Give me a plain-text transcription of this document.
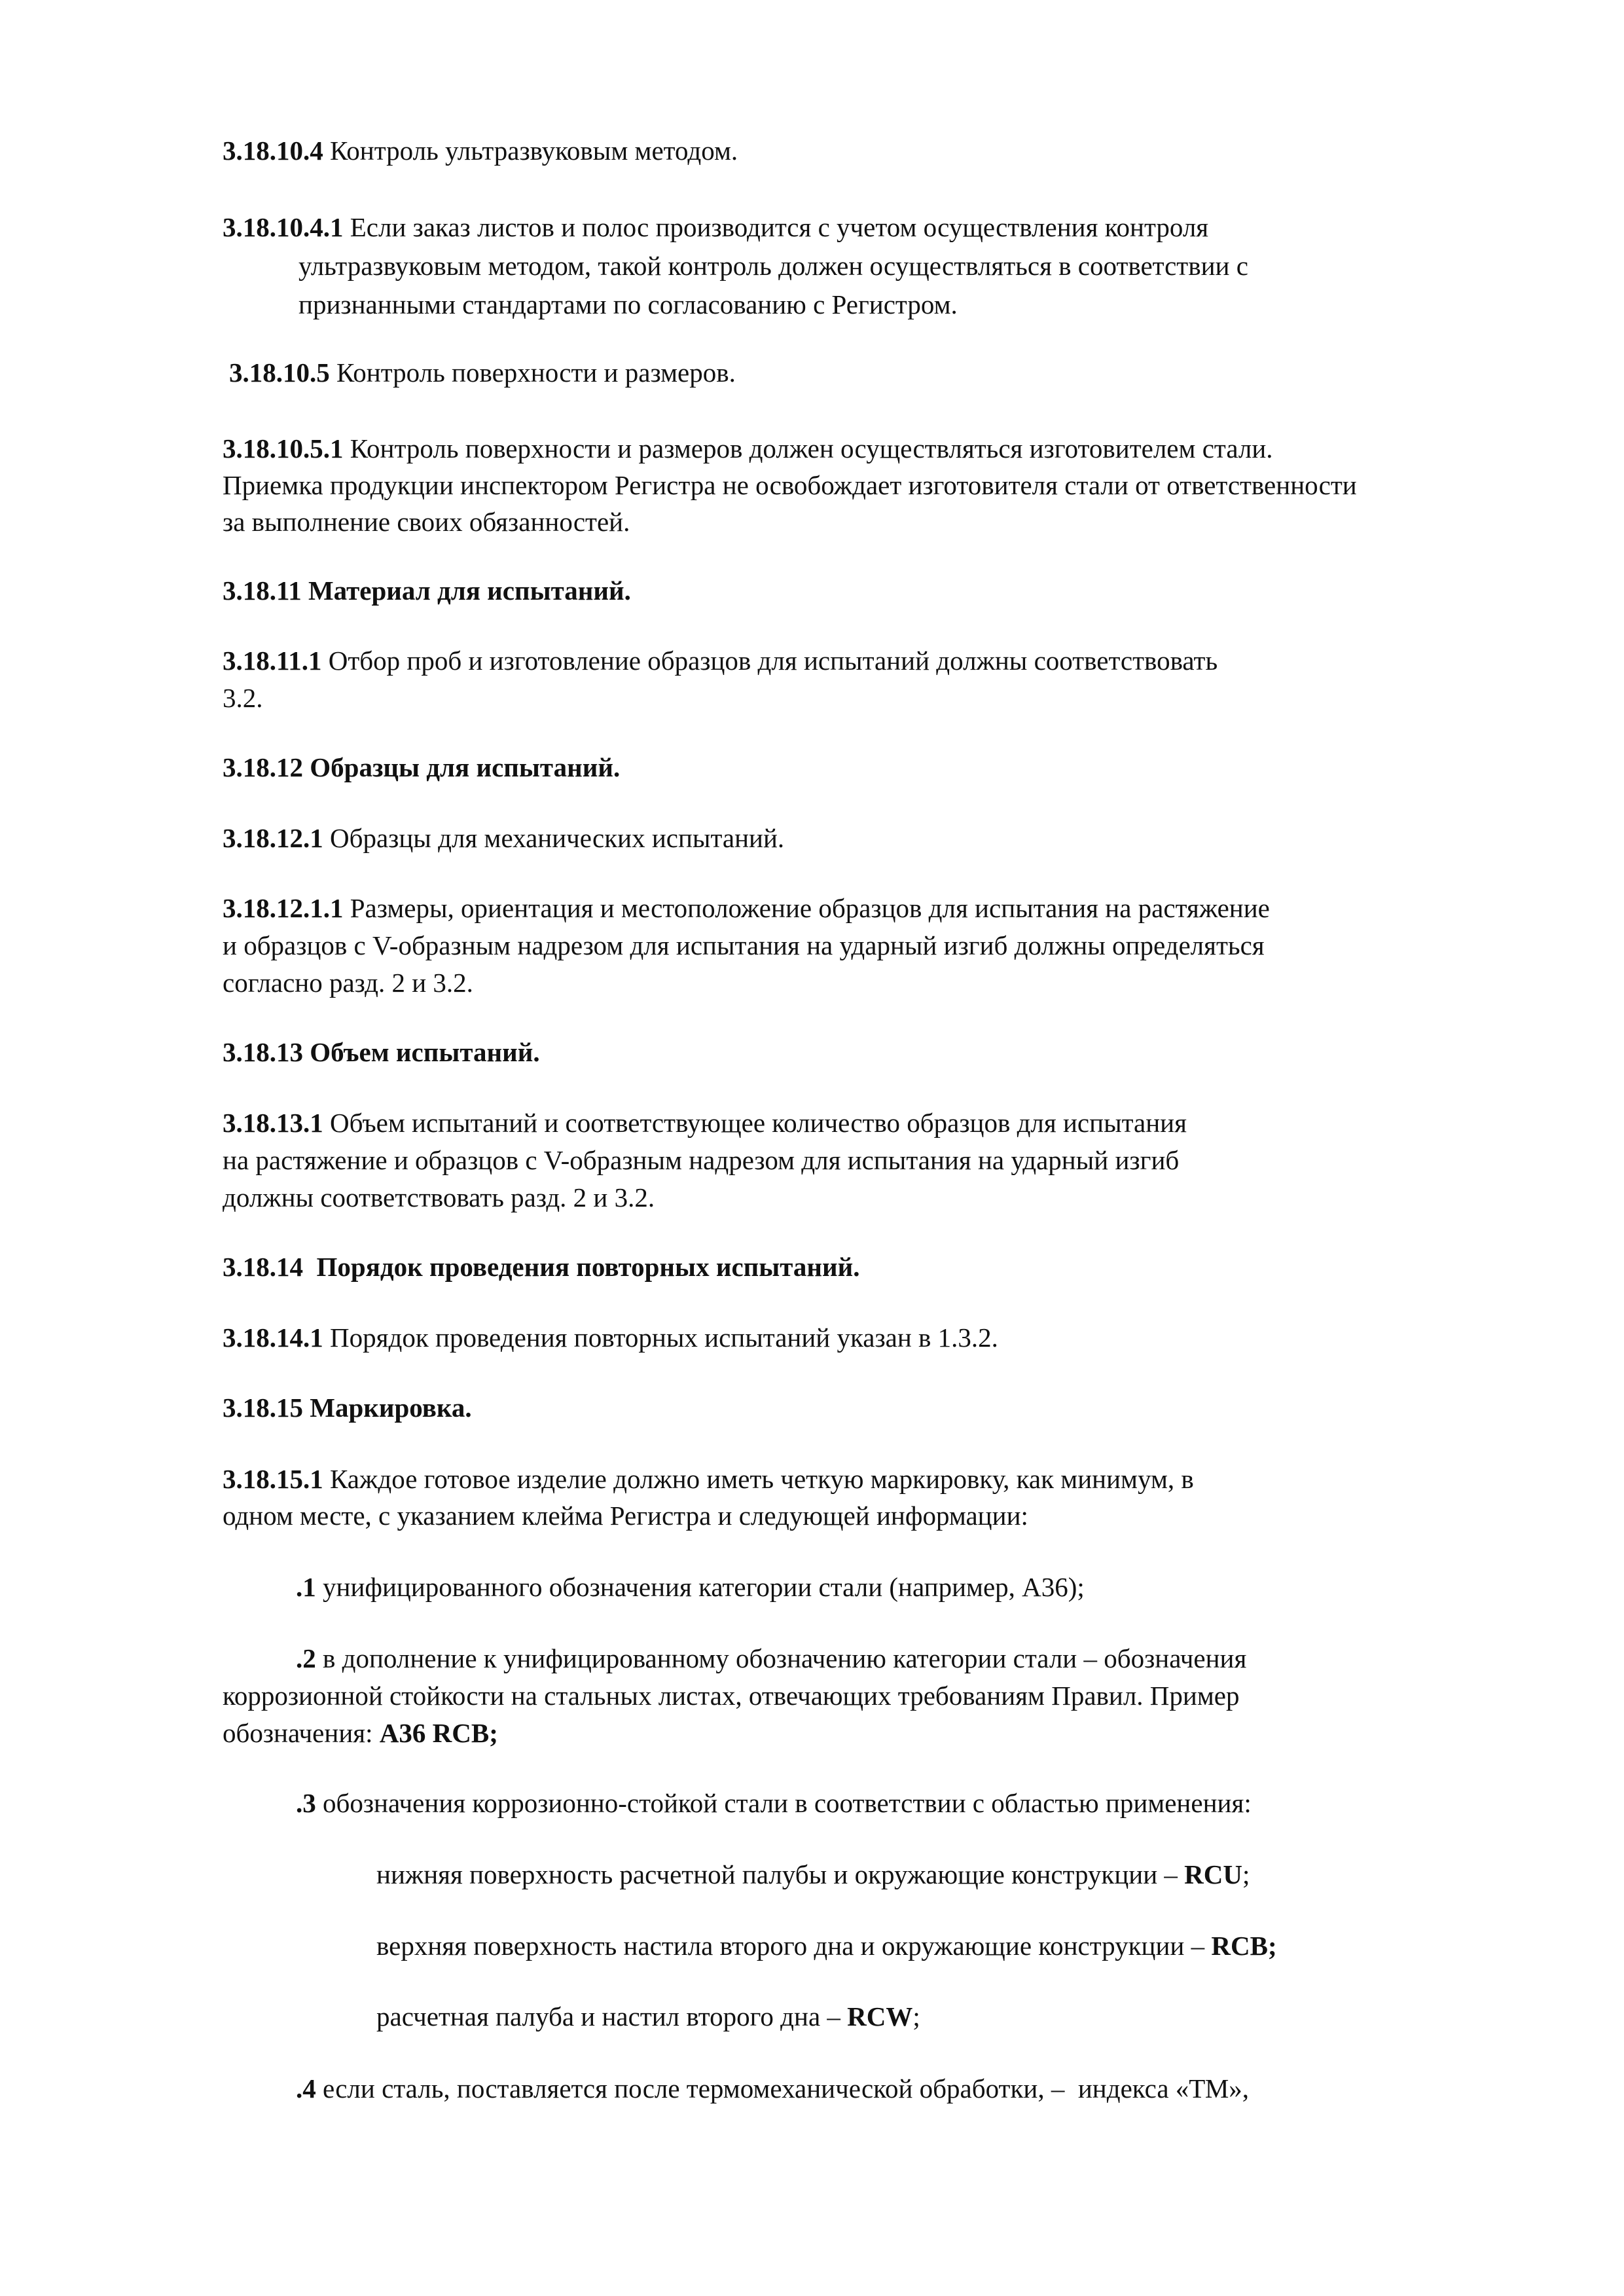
3.18.10.4 Контроль ультразвуковым методом.
3.18.10.4.1 Если заказ листов и полос производится с учетом осуществления контроля
ультразвуковым методом, такой контроль должен осуществляться в соответствии с
признанными стандартами по согласованию с Регистром.
3.18.10.5 Контроль поверхности и размеров.
3.18.10.5.1 Контроль поверхности и размеров должен осуществляться изготовителем стали.
Приемка продукции инспектором Регистра не освобождает изготовителя стали от ответственности
за выполнение своих обязанностей.
3.18.11 Материал для испытаний.
3.18.11.1 Отбор проб и изготовление образцов для испытаний должны соответствовать
3.2.
3.18.12 Образцы для испытаний.
3.18.12.1 Образцы для механических испытаний.
3.18.12.1.1 Размеры, ориентация и местоположение образцов для испытания на растяжение
и образцов с V-образным надрезом для испытания на ударный изгиб должны определяться
согласно разд. 2 и 3.2.
3.18.13 Объем испытаний.
3.18.13.1 Объем испытаний и соответствующее количество образцов для испытания
на растяжение и образцов с V-образным надрезом для испытания на ударный изгиб
должны соответствовать разд. 2 и 3.2.
3.18.14  Порядок проведения повторных испытаний.
3.18.14.1 Порядок проведения повторных испытаний указан в 1.3.2.
3.18.15 Маркировка.
3.18.15.1 Каждое готовое изделие должно иметь четкую маркировку, как минимум, в
одном месте, с указанием клейма Регистра и следующей информации:
.1 унифицированного обозначения категории стали (например, А36);
.2 в дополнение к унифицированному обозначению категории стали – обозначения
коррозионной стойкости на стальных листах, отвечающих требованиям Правил. Пример
обозначения: А36 RCB;
.3 обозначения коррозионно-стойкой стали в соответствии с областью применения:
нижняя поверхность расчетной палубы и окружающие конструкции – RCU;
верхняя поверхность настила второго дна и окружающие конструкции – RCB;
расчетная палуба и настил второго дна – RCW;
.4 если сталь, поставляется после термомеханической обработки, –  индекса «ТМ»,
